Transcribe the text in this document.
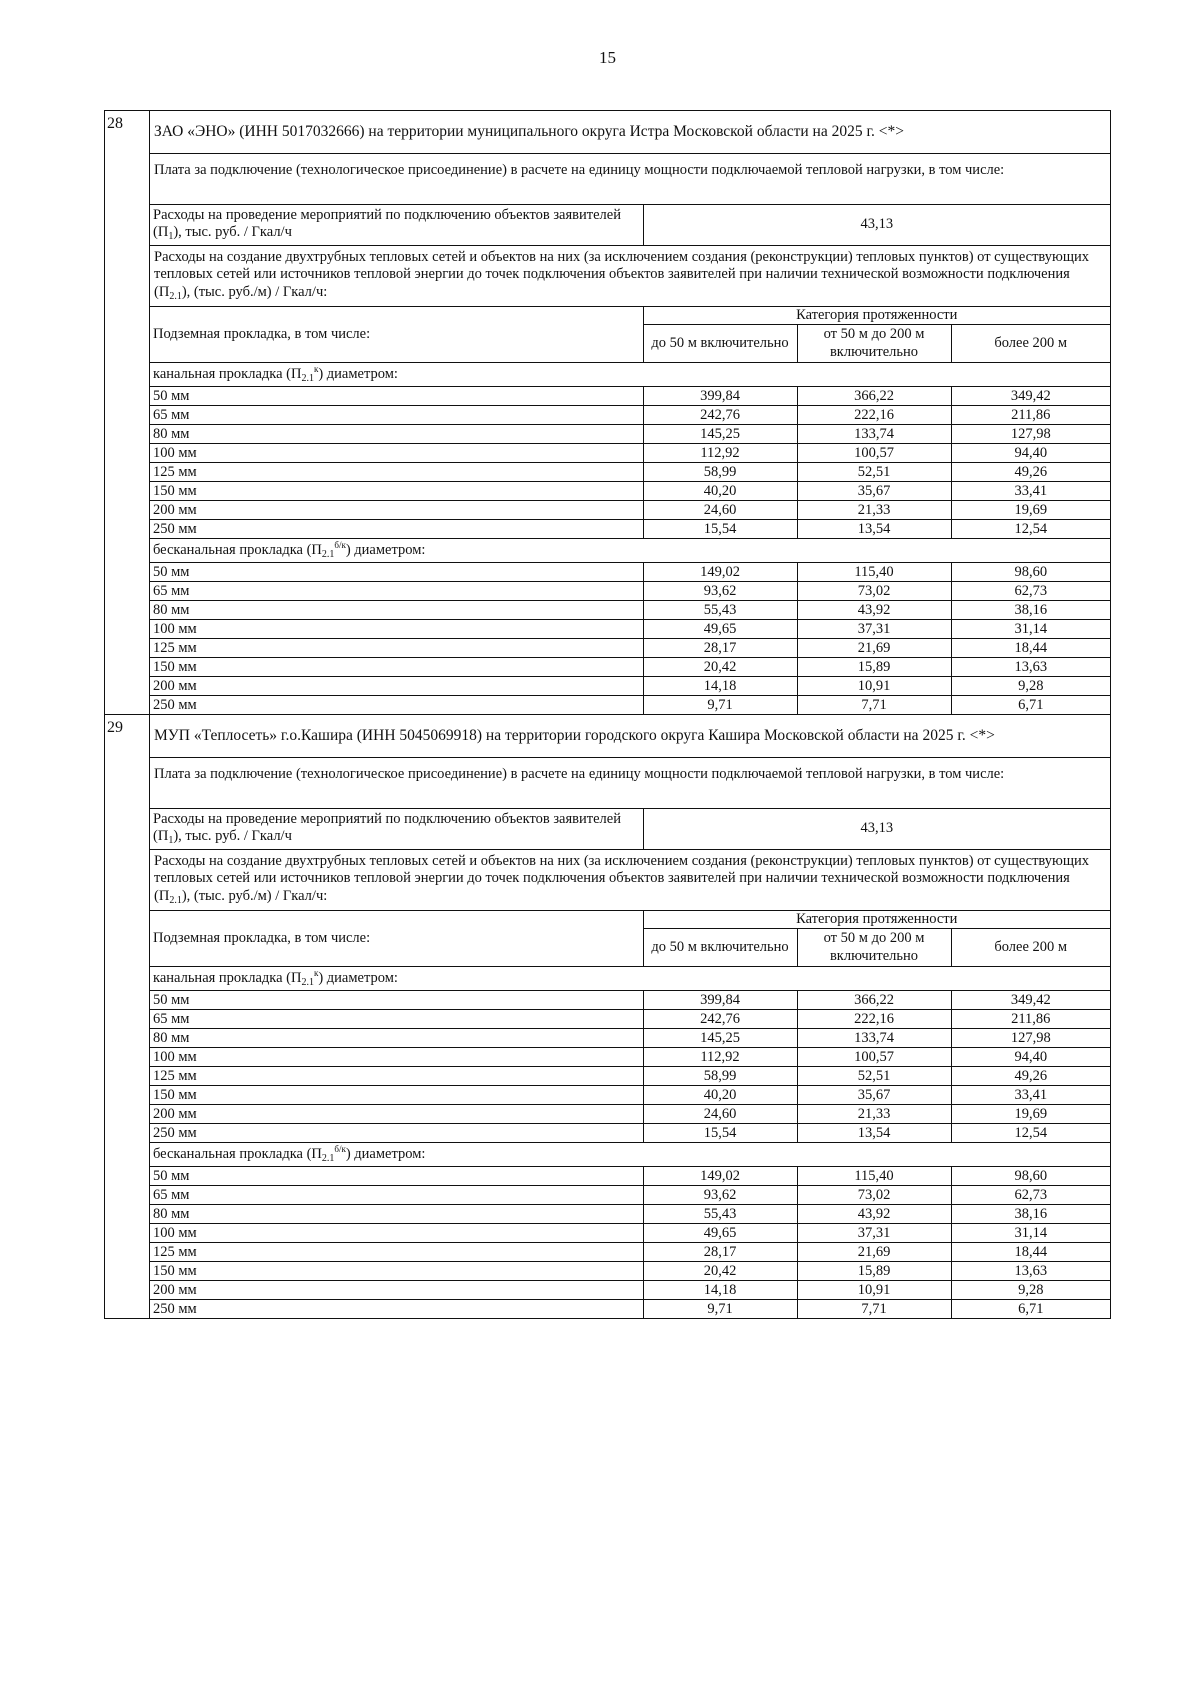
15
28	ЗАО «ЭНО» (ИНН 5017032666) на территории муниципального округа Истра Московской области на 2025 г. <*>
Плата за подключение (технологическое присоединение) в расчете на единицу мощности подключаемой тепловой нагрузки, в том числе:
Расходы на проведение мероприятий по подключению объектов заявителей $(П_1)$, тыс. руб. / Гкал/ч	43,13
Расходы на создание двухтрубных тепловых сетей и объектов на них (за исключением создания (реконструкции) тепловых пунктов) от существующих тепловых сетей или источников тепловой энергии до точек подключения объектов заявителей при наличии технической возможности подключения $(П_{2.1})$, (тыс. руб./м) / Гкал/ч:
Подземная прокладка, в том числе:	Категория протяженности
до 50 м включительно	от 50 м до 200 м включительно	более 200 м
канальная прокладка $(П_{2.1}^к)$ диаметром:
50 мм	399,84	366,22	349,42
65 мм	242,76	222,16	211,86
80 мм	145,25	133,74	127,98
100 мм	112,92	100,57	94,40
125 мм	58,99	52,51	49,26
150 мм	40,20	35,67	33,41
200 мм	24,60	21,33	19,69
250 мм	15,54	13,54	12,54
бесканальная прокладка $(П_{2.1}^{б/к})$ диаметром:
50 мм	149,02	115,40	98,60
65 мм	93,62	73,02	62,73
80 мм	55,43	43,92	38,16
100 мм	49,65	37,31	31,14
125 мм	28,17	21,69	18,44
150 мм	20,42	15,89	13,63
200 мм	14,18	10,91	9,28
250 мм	9,71	7,71	6,71

29	МУП «Теплосеть» г.о.Кашира (ИНН 5045069918) на территории городского округа Кашира Московской области на 2025 г. <*>
Плата за подключение (технологическое присоединение) в расчете на единицу мощности подключаемой тепловой нагрузки, в том числе:
Расходы на проведение мероприятий по подключению объектов заявителей $(П_1)$, тыс. руб. / Гкал/ч	43,13
Расходы на создание двухтрубных тепловых сетей и объектов на них (за исключением создания (реконструкции) тепловых пунктов) от существующих тепловых сетей или источников тепловой энергии до точек подключения объектов заявителей при наличии технической возможности подключения $(П_{2.1})$, (тыс. руб./м) / Гкал/ч:
Подземная прокладка, в том числе:	Категория протяженности
до 50 м включительно	от 50 м до 200 м включительно	более 200 м
канальная прокладка $(П_{2.1}^к)$ диаметром:
50 мм	399,84	366,22	349,42
65 мм	242,76	222,16	211,86
80 мм	145,25	133,74	127,98
100 мм	112,92	100,57	94,40
125 мм	58,99	52,51	49,26
150 мм	40,20	35,67	33,41
200 мм	24,60	21,33	19,69
250 мм	15,54	13,54	12,54
бесканальная прокладка $(П_{2.1}^{б/к})$ диаметром:
50 мм	149,02	115,40	98,60
65 мм	93,62	73,02	62,73
80 мм	55,43	43,92	38,16
100 мм	49,65	37,31	31,14
125 мм	28,17	21,69	18,44
150 мм	20,42	15,89	13,63
200 мм	14,18	10,91	9,28
250 мм	9,71	7,71	6,71
